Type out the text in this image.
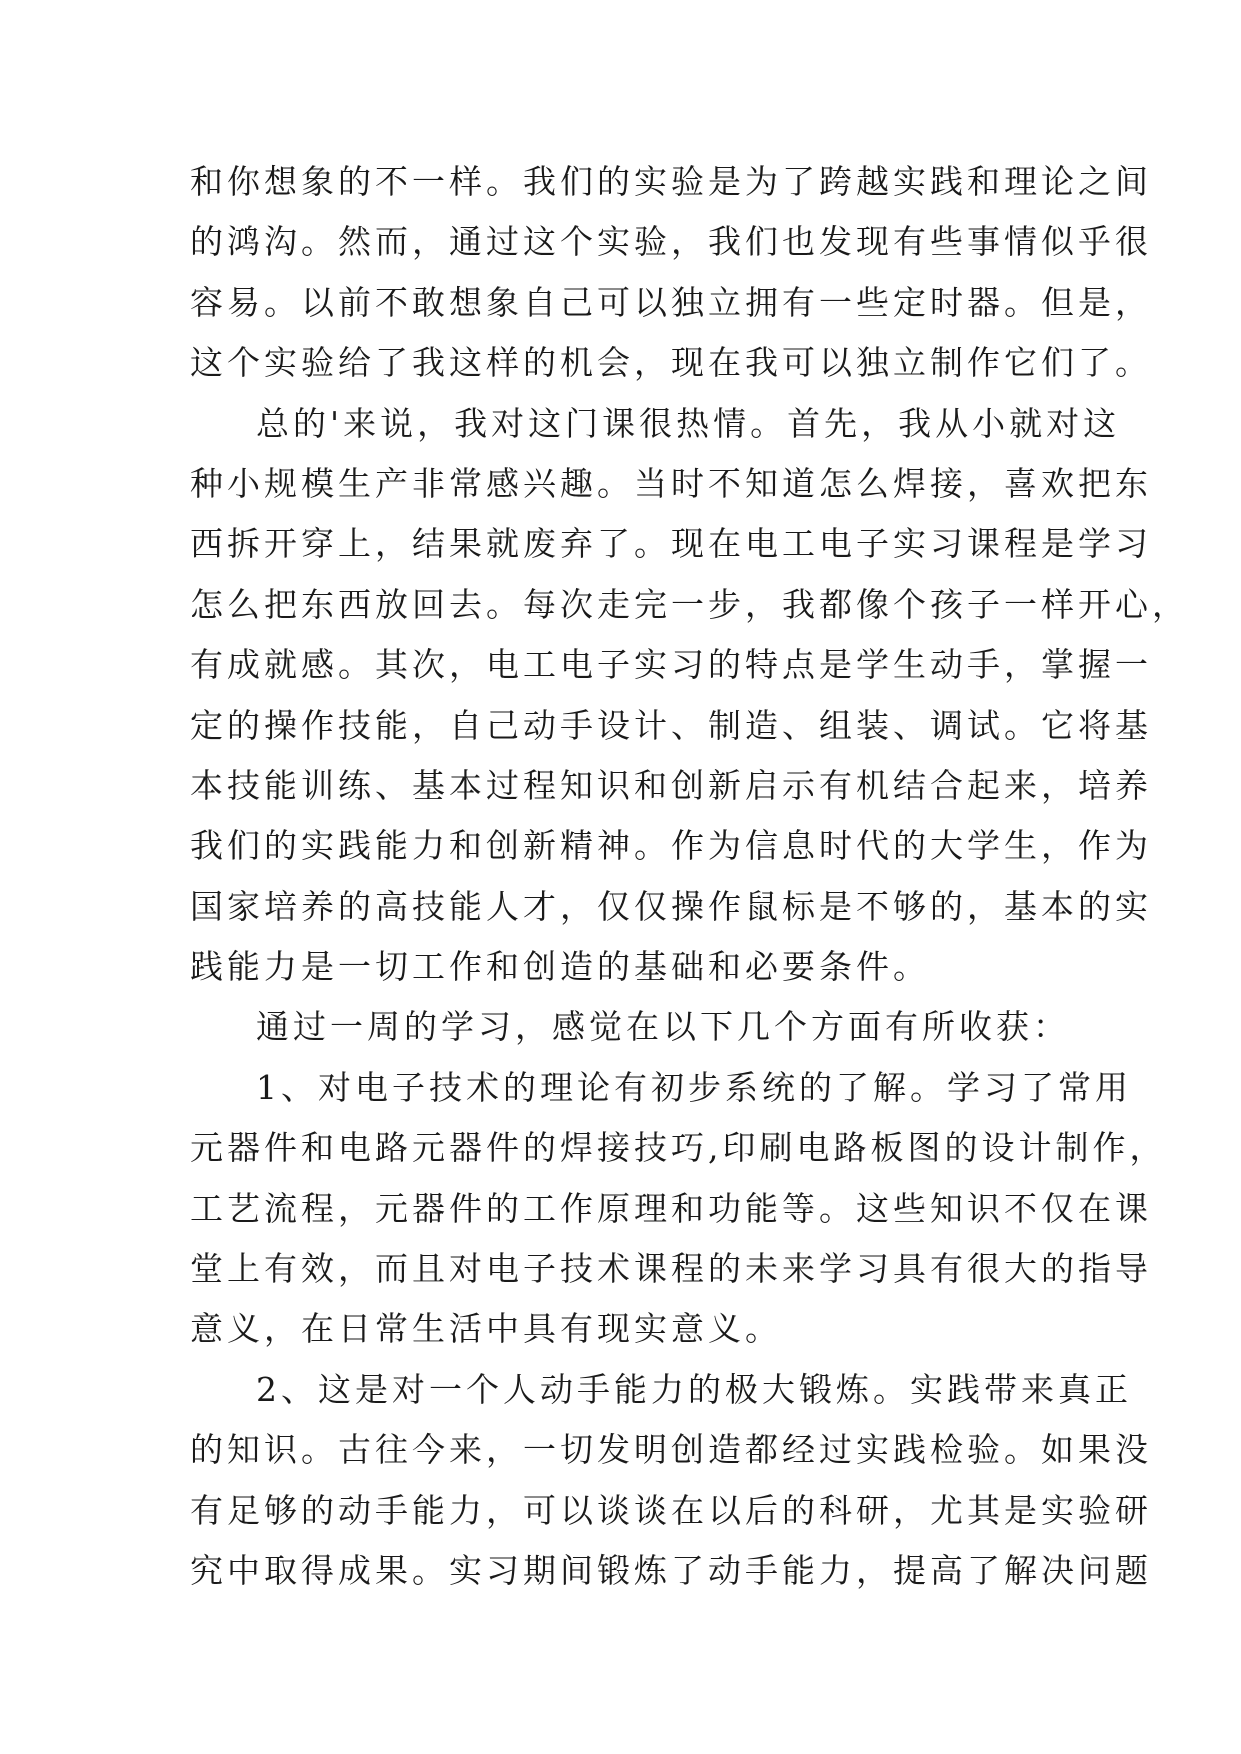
和你想象的不一样。我们的实验是为了跨越实践和理论之间
的鸿沟。然而，通过这个实验，我们也发现有些事情似乎很
容易。以前不敢想象自己可以独立拥有一些定时器。但是，
这个实验给了我这样的机会，现在我可以独立制作它们了。
总的'来说，我对这门课很热情。首先，我从小就对这
种小规模生产非常感兴趣。当时不知道怎么焊接，喜欢把东
西拆开穿上，结果就废弃了。现在电工电子实习课程是学习
怎么把东西放回去。每次走完一步，我都像个孩子一样开心，
有成就感。其次，电工电子实习的特点是学生动手，掌握一
定的操作技能，自己动手设计、制造、组装、调试。它将基
本技能训练、基本过程知识和创新启示有机结合起来，培养
我们的实践能力和创新精神。作为信息时代的大学生，作为
国家培养的高技能人才，仅仅操作鼠标是不够的，基本的实
践能力是一切工作和创造的基础和必要条件。
通过一周的学习，感觉在以下几个方面有所收获：
1、对电子技术的理论有初步系统的了解。学习了常用
元器件和电路元器件的焊接技巧,印刷电路板图的设计制作，
工艺流程，元器件的工作原理和功能等。这些知识不仅在课
堂上有效，而且对电子技术课程的未来学习具有很大的指导
意义，在日常生活中具有现实意义。
2、这是对一个人动手能力的极大锻炼。实践带来真正
的知识。古往今来，一切发明创造都经过实践检验。如果没
有足够的动手能力，可以谈谈在以后的科研，尤其是实验研
究中取得成果。实习期间锻炼了动手能力，提高了解决问题
